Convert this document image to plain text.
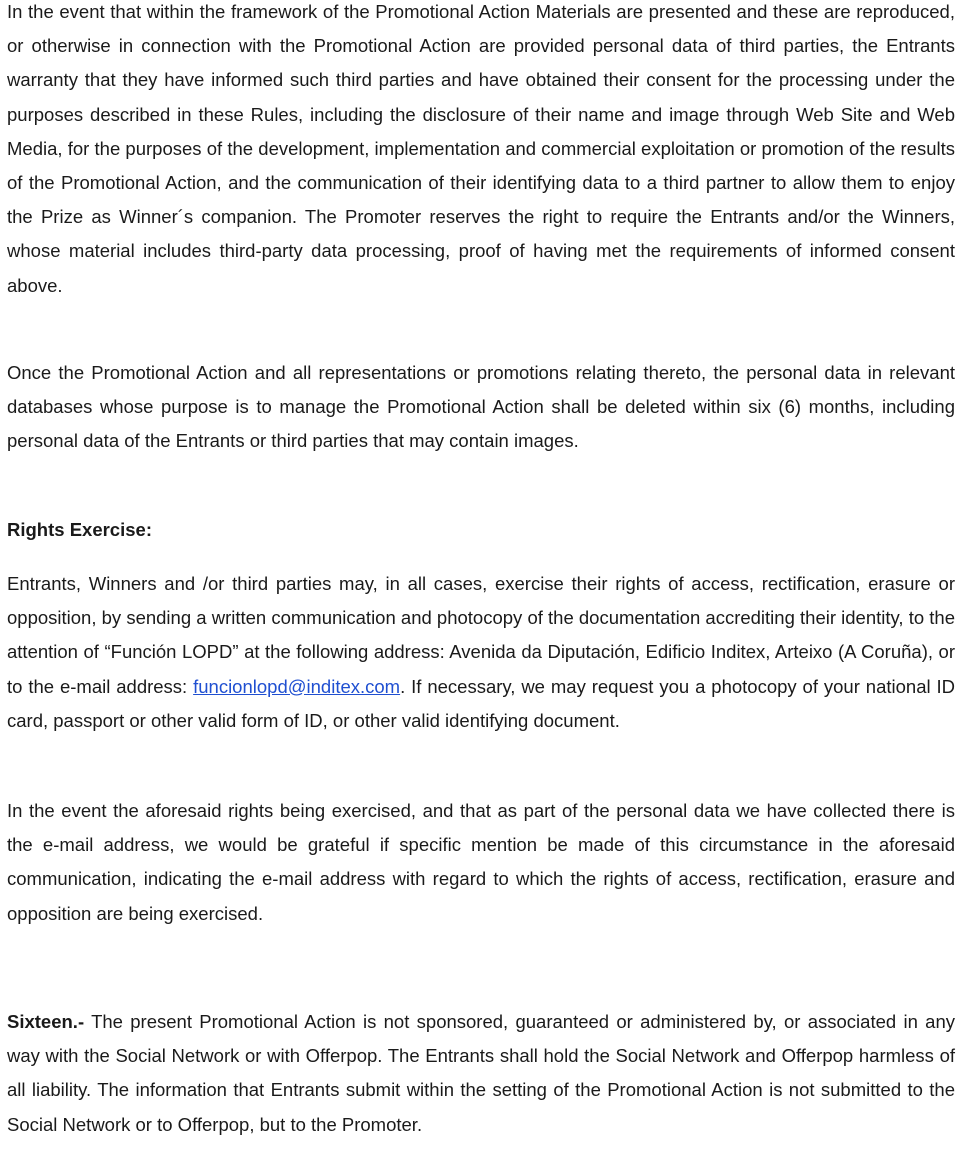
In the event that within the framework of the Promotional Action Materials are presented and these are reproduced, or otherwise in connection with the Promotional Action are provided personal data of third parties, the Entrants warranty that they have informed such third parties and have obtained their consent for the processing under the purposes described in these Rules, including the disclosure of their name and image through Web Site and Web Media, for the purposes of the development, implementation and commercial exploitation or promotion of the results of the Promotional Action, and the communication of their identifying data to a third partner to allow them to enjoy the Prize as Winner´s companion. The Promoter reserves the right to require the Entrants and/or the Winners, whose material includes third-party data processing, proof of having met the requirements of informed consent above.

Once the Promotional Action and all representations or promotions relating thereto, the personal data in relevant databases whose purpose is to manage the Promotional Action shall be deleted within six (6) months, including personal data of the Entrants or third parties that may contain images.

Rights Exercise:

Entrants, Winners and /or third parties may, in all cases, exercise their rights of access, rectification, erasure or opposition, by sending a written communication and photocopy of the documentation accrediting their identity, to the attention of “Función LOPD” at the following address: Avenida da Diputación, Edificio Inditex, Arteixo (A Coruña), or to the e-mail address: funcionlopd@inditex.com. If necessary, we may request you a photocopy of your national ID card, passport or other valid form of ID, or other valid identifying document.

In the event the aforesaid rights being exercised, and that as part of the personal data we have collected there is the e-mail address, we would be grateful if specific mention be made of this circumstance in the aforesaid communication, indicating the e-mail address with regard to which the rights of access, rectification, erasure and opposition are being exercised.

Sixteen.- The present Promotional Action is not sponsored, guaranteed or administered by, or associated in any way with the Social Network or with Offerpop. The Entrants shall hold the Social Network and Offerpop harmless of all liability. The information that Entrants submit within the setting of the Promotional Action is not submitted to the Social Network or to Offerpop, but to the Promoter.
